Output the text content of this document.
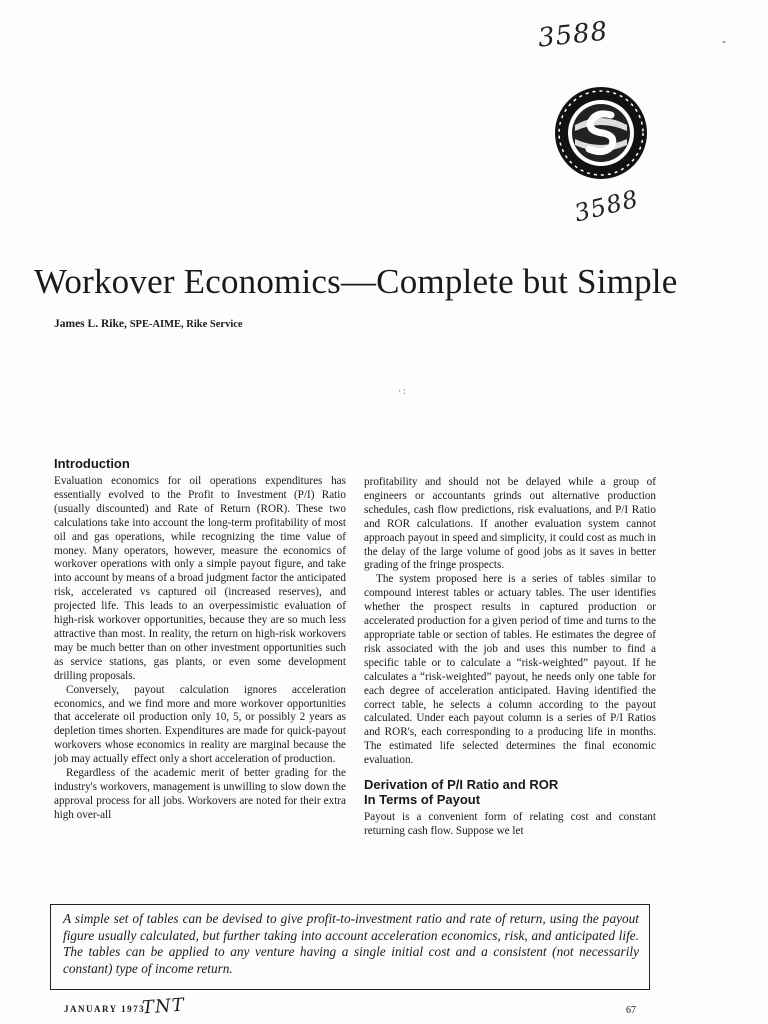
3588	-
3588
Workover Economics—Complete but Simple
James L. Rike, SPE-AIME, Rike Service
· :
Introduction

Evaluation economics for oil operations expenditures has essentially evolved to the Profit to Investment (P/I) Ratio (usually discounted) and Rate of Return (ROR). These two calculations take into account the long-term profitability of most oil and gas operations, while recognizing the time value of money. Many operators, however, measure the economics of workover operations with only a simple payout figure, and take into account by means of a broad judgment factor the anticipated risk, accelerated vs captured oil (increased reserves), and projected life. This leads to an overpessimistic evaluation of high-risk workover opportunities, because they are so much less attractive than most. In reality, the return on high-risk workovers may be much better than on other investment opportunities such as service stations, gas plants, or even some development drilling proposals.

Conversely, payout calculation ignores acceleration economics, and we find more and more workover opportunities that accelerate oil production only 10, 5, or possibly 2 years as depletion times shorten. Expenditures are made for quick-payout workovers whose economics in reality are marginal because the job may actually effect only a short acceleration of production.

Regardless of the academic merit of better grading for the industry's workovers, management is unwilling to slow down the approval process for all jobs. Workovers are noted for their extra high over-all

profitability and should not be delayed while a group of engineers or accountants grinds out alternative production schedules, cash flow predictions, risk evaluations, and P/I Ratio and ROR calculations. If another evaluation system cannot approach payout in speed and simplicity, it could cost as much in the delay of the large volume of good jobs as it saves in better grading of the fringe prospects.

The system proposed here is a series of tables similar to compound interest tables or actuary tables. The user identifies whether the prospect results in captured production or accelerated production for a given period of time and turns to the appropriate table or section of tables. He estimates the degree of risk associated with the job and uses this number to find a specific table or to calculate a “risk-weighted” payout. If he calculates a “risk-weighted” payout, he needs only one table for each degree of acceleration anticipated. Having identified the correct table, he selects a column according to the payout calculated. Under each payout column is a series of P/I Ratios and ROR's, each corresponding to a producing life in months. The estimated life selected determines the final economic evaluation.

Derivation of P/I Ratio and ROR
In Terms of Payout

Payout is a convenient form of relating cost and constant returning cash flow. Suppose we let

A simple set of tables can be devised to give profit-to-investment ratio and rate of return, using the payout figure usually calculated, but further taking into account acceleration economics, risk, and anticipated life. The tables can be applied to any venture having a single initial cost and a consistent (not necessarily constant) type of income return.
JANUARY 1973
TNT	67
